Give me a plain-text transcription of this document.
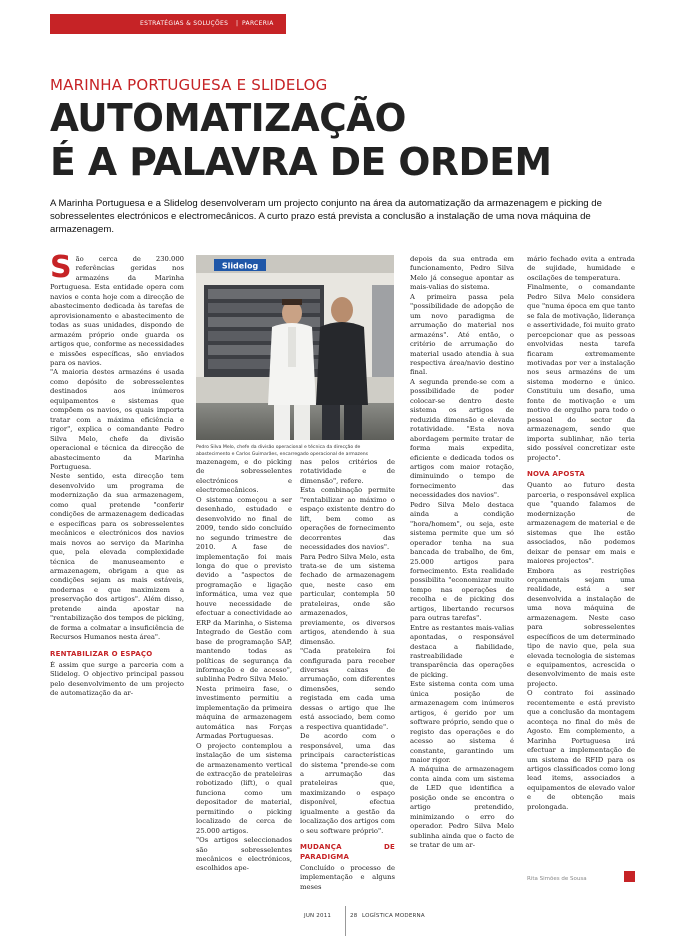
ESTRATÉGIAS & SOLUÇÕES | PARCERIA
MARINHA PORTUGUESA E SLIDELOG
AUTOMATIZAÇÃO
É A PALAVRA DE ORDEM
A Marinha Portuguesa e a Slidelog desenvolveram um projecto conjunto na área da automatização da armazenagem e picking de sobresselentes electrónicos e electromecânicos. A curto prazo está prevista a conclusão a instalação de uma nova máquina de armazenagem.
Slidelog
Pedro Silva Melo, chefe da divisão operacional e técnica da direcção de abastecimento e Carlos Guimarães, encarregado operacional de armazens
S ão cerca de 230.000 referências geridas nos armazéns da Marinha Portuguesa. Esta entidade opera com navios e conta hoje com a direcção de abastecimento dedicada às tarefas de aprovisionamento e abastecimento de todas as suas unidades, dispondo de armazém próprio onde guarda os artigos que, conforme as necessidades e missões específicas, são enviados para os navios.

"A maioria destes armazéns é usada como depósito de sobresselentes destinados aos inúmeros equipamentos e sistemas que compõem os navios, os quais importa tratar com a máxima eficiência e rigor", explica o comandante Pedro Silva Melo, chefe da divisão operacional e técnica da direcção de abastecimento da Marinha Portuguesa.

Neste sentido, esta direcção tem desenvolvido um programa de modernização da sua armazenagem, como qual pretende "conferir condições de armazenagem dedicadas e específicas para os sobresselentes mecânicos e electrónicos dos navios mais novos ao serviço da Marinha que, pela elevada complexidade técnica de manuseamento e armazenagem, obrigam a que as condições sejam as mais estáveis, modernas e que maximizem a preservação dos artigos". Além disso, pretende ainda apostar na "rentabilização dos tempos de picking, de forma a colmatar a insuficiência de Recursos Humanos nesta área".

RENTABILIZAR O ESPAÇO

É assim que surge a parceria com a Slidelog. O objectivo principal passou pelo desenvolvimento de um projecto de automatização da ar-

mazenagem, e do picking de sobresselentes electrónicos e electromecânicos.

O sistema começou a ser desenhado, estudado e desenvolvido no final de 2009, tendo sido concluído no segundo trimestre de 2010. A fase de implementação foi mais longa do que o previsto devido a "aspectos de programação e ligação informática, uma vez que houve necessidade de efectuar a conectividade ao ERP da Marinha, o Sistema Integrado de Gestão com base de programação SAP, mantendo todas as políticas de segurança da informação e de acesso", sublinha Pedro Silva Melo.

Nesta primeira fase, o investimento permitiu a implementação da primeira máquina de armazenagem automática nas Forças Armadas Portuguesas.

O projecto contemplou a instalação de um sistema de armazenamento vertical de extracção de prateleiras robotizado (lift), o qual funciona como um depositador de material, permitindo o picking localizado de cerca de 25.000 artigos.

"Os artigos seleccionados são sobresselentes mecânicos e electrónicos, escolhidos ape-

nas pelos critérios de rotatividade e de dimensão", refere.

Esta combinação permite "rentabilizar ao máximo o espaço existente dentro do lift, bem como as operações de fornecimento decorrentes das necessidades dos navios".

Para Pedro Silva Melo, esta trata-se de um sistema fechado de armazenagem que, neste caso em particular, contempla 50 prateleiras, onde são armazenados, previamente, os diversos artigos, atendendo à sua dimensão.

"Cada prateleira foi configurada para receber diversas caixas de arrumação, com diferentes dimensões, sendo registada em cada uma dessas o artigo que lhe está associado, bem como a respectiva quantidade".

De acordo com o responsável, uma das principais características do sistema "prende-se com a arrumação das prateleiras que, maximizando o espaço disponível, efectua igualmente a gestão da localização dos artigos com o seu software próprio".

MUDANÇA DE PARADIGMA

Concluído o processo de implementação e alguns meses

depois da sua entrada em funcionamento, Pedro Silva Melo já consegue apontar as mais-valias do sistema.

A primeira passa pela "possibilidade de adopção de um novo paradigma de arrumação do material nos armazéns". Até então, o critério de arrumação do material usado atendia à sua respectiva área/navio destino final.

A segunda prende-se com a possibilidade de poder colocar-se dentro deste sistema os artigos de reduzida dimensão e elevada rotatividade. "Esta nova abordagem permite tratar de forma mais expedita, eficiente e dedicada todos os artigos com maior rotação, diminuindo o tempo de fornecimento das necessidades dos navios".

Pedro Silva Melo destaca ainda a condição "hora/homem", ou seja, este sistema permite que um só operador tenha na sua bancada de trabalho, de 6m, 25.000 artigos para fornecimento. Esta realidade possibilita "economizar muito tempo nas operações de recolha e de picking dos artigos, libertando recursos para outras tarefas".

Entre as restantes mais-valias apontadas, o responsável destaca a fiabilidade, rastreabilidade e transparência das operações de picking.

Este sistema conta com uma única posição de armazenagem com inúmeros artigos, é gerido por um software próprio, sendo que o registo das operações e do acesso ao sistema é constante, garantindo um maior rigor.

A máquina de armazenagem conta ainda com um sistema de LED que identifica a posição onde se encontra o artigo pretendido, minimizando o erro do operador. Pedro Silva Melo sublinha ainda que o facto de se tratar de um ar-

mário fechado evita a entrada de sujidade, humidade e oscilações de temperatura.

Finalmente, o comandante Pedro Silva Melo considera que "numa época em que tanto se fala de motivação, liderança e assertividade, foi muito grato percepcionar que as pessoas envolvidas nesta tarefa ficaram extremamente motivadas por ver a instalação nos seus armazéns de um sistema moderno e único. Constituiu um desafio, uma fonte de motivação e um motivo de orgulho para todo o pessoal do sector da armazenagem, sendo que importa sublinhar, não teria sido possível concretizar este projecto".

NOVA APOSTA

Quanto ao futuro desta parceria, o responsável explica que "quando falamos de modernização de armazenagem de material e de sistemas que lhe estão associados, não podemos deixar de pensar em mais e maiores projectos".

Embora as restrições orçamentais sejam uma realidade, está a ser desenvolvida a instalação de uma nova máquina de armazenagem. Neste caso para sobresselentes específicos de um determinado tipo de navio que, pela sua elevada tecnologia de sistemas e equipamentos, acrescida o desenvolvimento de mais este projecto.

O contrato foi assinado recentemente e está previsto que a conclusão da montagem aconteça no final do mês de Agosto. Em complemento, a Marinha Portuguesa irá efectuar a implementação de um sistema de RFID para os artigos classificados como long lead items, associados a equipamentos de elevado valor e de obtenção mais prolongada.

Rita Simões de Sousa
JUN 2011	28 LOGÍSTICA MODERNA
